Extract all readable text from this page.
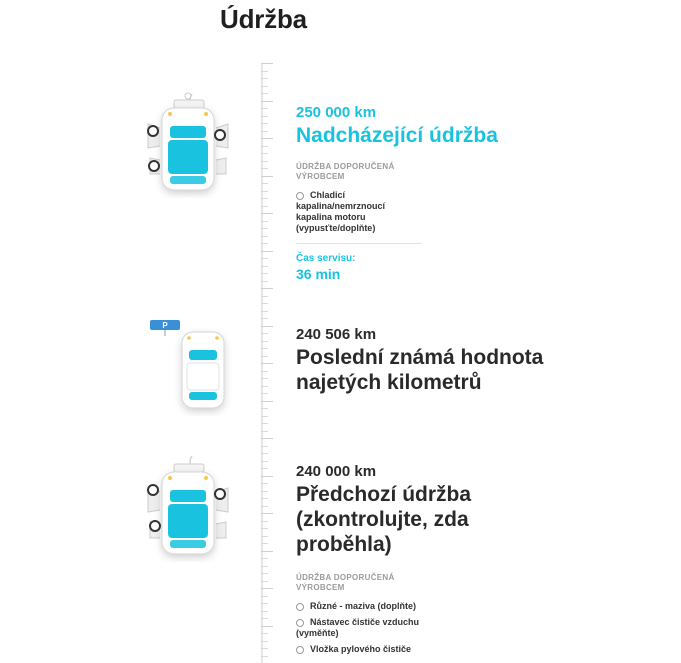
Údržba
250 000 km
Nadcházející údržba
ÚDRŽBA DOPORUČENÁ VÝROBCEM
Chladicí kapalina/nemrznoucí kapalina motoru (vypusťte/doplňte)
Čas servisu:
36 min
P
240 506 km
Poslední známá hodnota
najetých kilometrů
240 000 km
Předchozí údržba
(zkontrolujte, zda
proběhla)
ÚDRŽBA DOPORUČENÁ VÝROBCEM
Různé - maziva (doplňte)
Nástavec čističe vzduchu (vyměňte)
Vložka pylového čističe
